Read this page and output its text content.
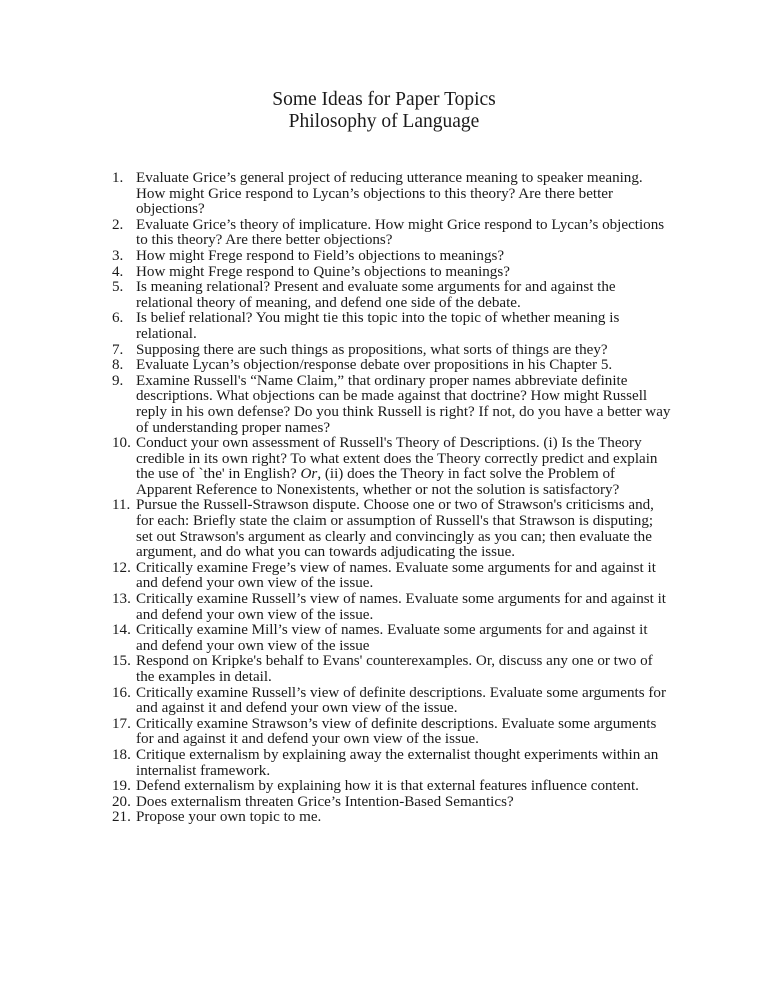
Some Ideas for Paper Topics
Philosophy of Language
1. Evaluate Grice’s general project of reducing utterance meaning to speaker meaning. How might Grice respond to Lycan’s objections to this theory? Are there better objections?
2. Evaluate Grice’s theory of implicature. How might Grice respond to Lycan’s objections to this theory? Are there better objections?
3. How might Frege respond to Field’s objections to meanings?
4. How might Frege respond to Quine’s objections to meanings?
5. Is meaning relational? Present and evaluate some arguments for and against the relational theory of meaning, and defend one side of the debate.
6. Is belief relational? You might tie this topic into the topic of whether meaning is relational.
7. Supposing there are such things as propositions, what sorts of things are they?
8. Evaluate Lycan’s objection/response debate over propositions in his Chapter 5.
9. Examine Russell's “Name Claim,” that ordinary proper names abbreviate definite descriptions. What objections can be made against that doctrine? How might Russell reply in his own defense? Do you think Russell is right? If not, do you have a better way of understanding proper names?
10. Conduct your own assessment of Russell's Theory of Descriptions. (i) Is the Theory credible in its own right? To what extent does the Theory correctly predict and explain the use of `the' in English? Or, (ii) does the Theory in fact solve the Problem of Apparent Reference to Nonexistents, whether or not the solution is satisfactory?
11. Pursue the Russell-Strawson dispute. Choose one or two of Strawson's criticisms and, for each: Briefly state the claim or assumption of Russell's that Strawson is disputing; set out Strawson's argument as clearly and convincingly as you can; then evaluate the argument, and do what you can towards adjudicating the issue.
12. Critically examine Frege’s view of names. Evaluate some arguments for and against it and defend your own view of the issue.
13. Critically examine Russell’s view of names. Evaluate some arguments for and against it and defend your own view of the issue.
14. Critically examine Mill’s view of names. Evaluate some arguments for and against it and defend your own view of the issue
15. Respond on Kripke's behalf to Evans' counterexamples. Or, discuss any one or two of the examples in detail.
16. Critically examine Russell’s view of definite descriptions. Evaluate some arguments for and against it and defend your own view of the issue.
17. Critically examine Strawson’s view of definite descriptions. Evaluate some arguments for and against it and defend your own view of the issue.
18. Critique externalism by explaining away the externalist thought experiments within an internalist framework.
19. Defend externalism by explaining how it is that external features influence content.
20. Does externalism threaten Grice’s Intention-Based Semantics?
21. Propose your own topic to me.
